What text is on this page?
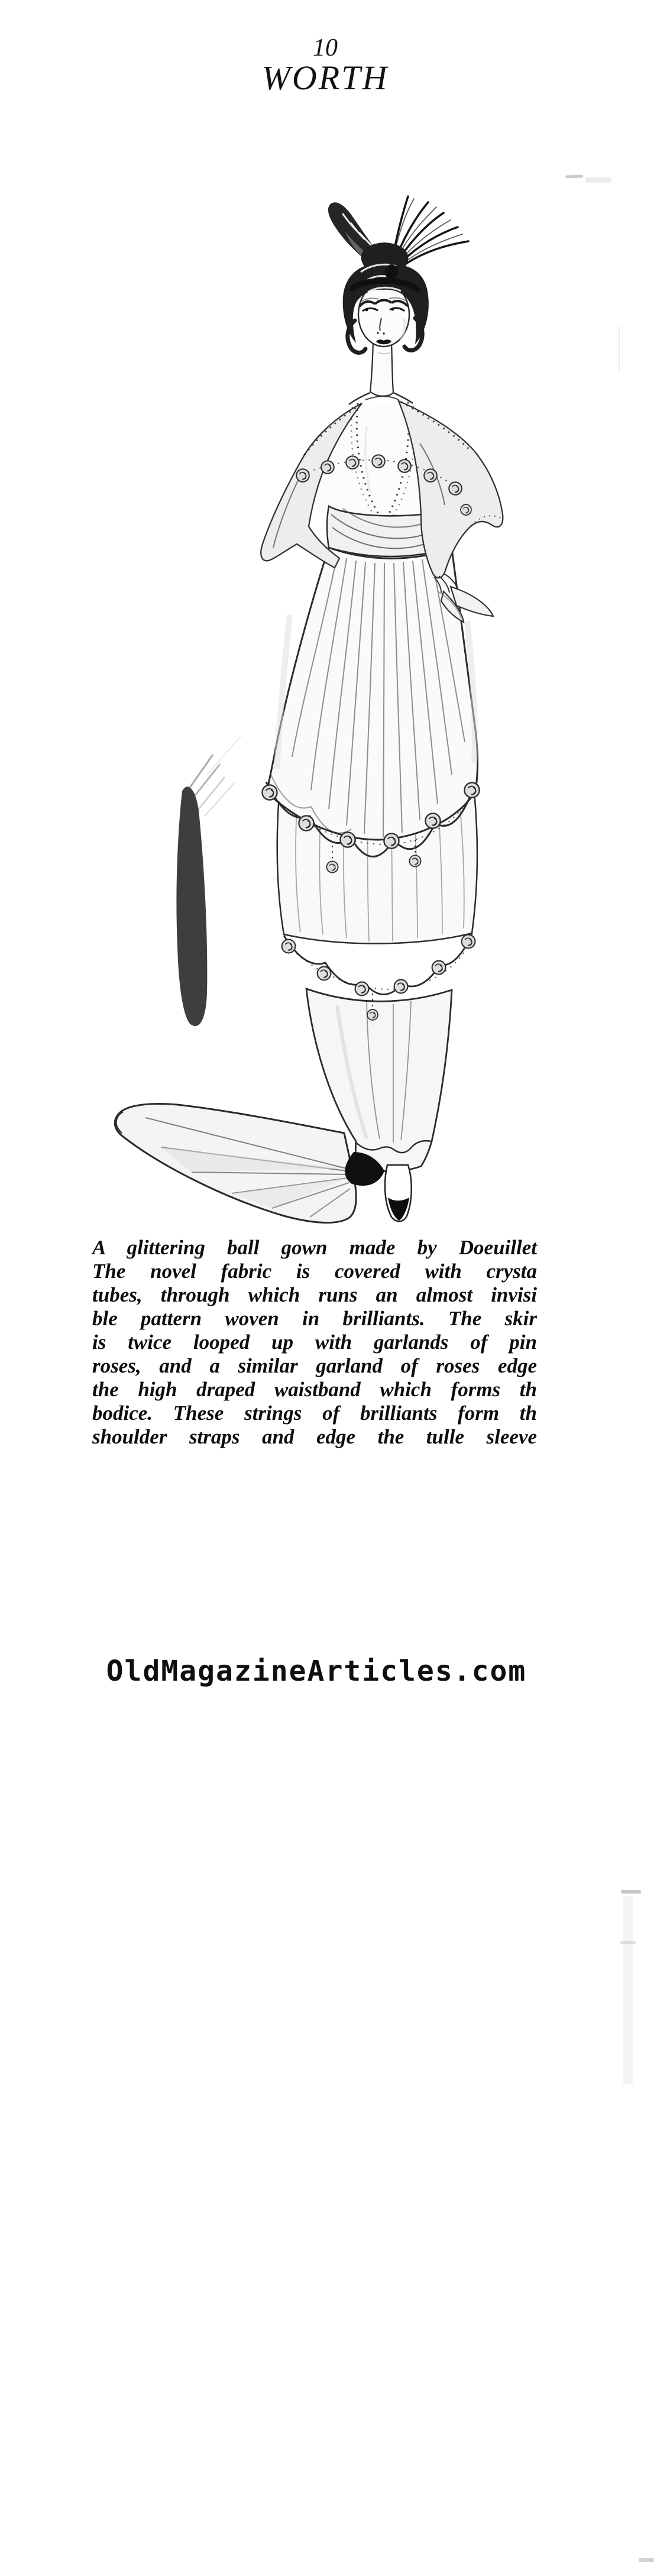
10
WORTH
A glittering ball gown made by Doeuillet
The novel fabric is covered with crysta
tubes, through which runs an almost invisi
ble pattern woven in brilliants. The skir
is twice looped up with garlands of pin
roses, and a similar garland of roses edge
the high draped waistband which forms th
bodice. These strings of brilliants form th
shoulder straps and edge the tulle sleeve
OldMagazineArticles.com
